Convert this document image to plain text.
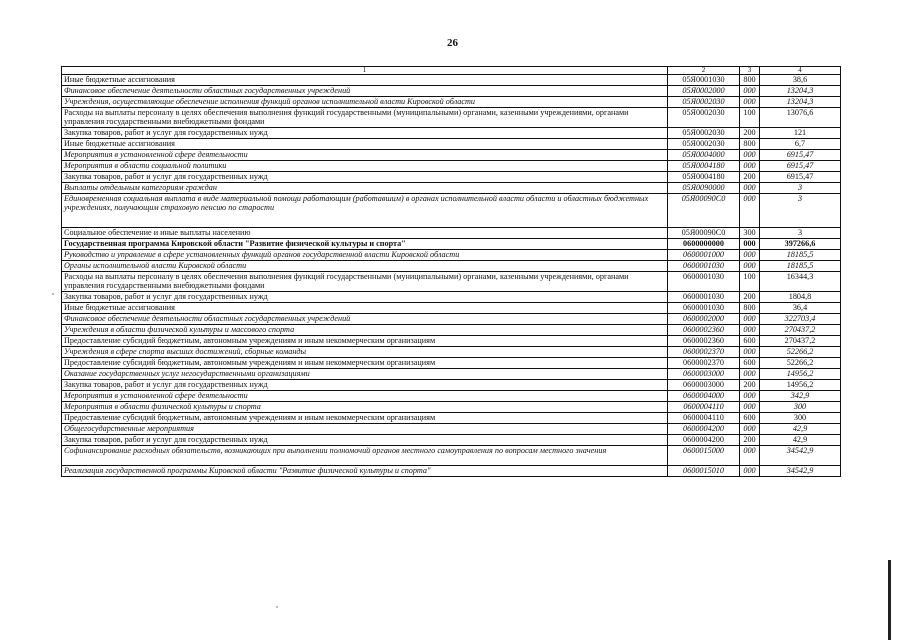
26
1	2	3	4
Иные бюджетные ассигнования	05Я0001030	800	38,6
Финансовое обеспечение деятельности областных государственных учреждений	05Я0002000	000	13204,3
Учреждения, осуществляющие обеспечение исполнения функций органов исполнительной власти Кировской области	05Я0002030	000	13204,3
Расходы на выплаты персоналу в целях обеспечения выполнения функций государственными (муниципальными) органами, казенными учреждениями, органами управления государственными внебюджетными фондами	05Я0002030	100	13076,6
Закупка товаров, работ и услуг для государственных нужд	05Я0002030	200	121
Иные бюджетные ассигнования	05Я0002030	800	6,7
Мероприятия в установленной сфере деятельности	05Я0004000	000	6915,47
Мероприятия в области социальной политики	05Я0004180	000	6915,47
Закупка товаров, работ и услуг для государственных нужд	05Я0004180	200	6915,47
Выплаты отдельным категориям граждан	05Я0090000	000	3
Единовременная социальная выплата в виде материальной помощи работающим (работавшим) в органах исполнительной власти области и областных бюджетных учреждениях, получающим страховую пенсию по старости	05Я00090С0	000	3
Социальное обеспечение и иные выплаты населению	05Я00090С0	300	3
Государственная программа Кировской области "Развитие физической культуры и спорта"	0600000000	000	397266,6
Руководство и управление в сфере установленных функций органов государственной власти Кировской области	0600001000	000	18185,5
Органы исполнительной власти Кировской области	0600001030	000	18185,5
Расходы на выплаты персоналу в целях обеспечения выполнения функций государственными (муниципальными) органами, казенными учреждениями, органами управления государственными внебюджетными фондами	0600001030	100	16344,3
Закупка товаров, работ и услуг для государственных нужд	0600001030	200	1804,8
Иные бюджетные ассигнования	0600001030	800	36,4
Финансовое обеспечение деятельности областных государственных учреждений	0600002000	000	322703,4
Учреждения в области физической культуры и массового спорта	0600002360	000	270437,2
Предоставление субсидий бюджетным, автономным учреждениям и иным некоммерческим организациям	0600002360	600	270437,2
Учреждения в сфере спорта высших достижений, сборные команды	0600002370	000	52266,2
Предоставление субсидий бюджетным, автономным учреждениям и иным некоммерческим организациям	0600002370	600	52266,2
Оказание государственных услуг негосударственными организациями	0600003000	000	14956,2
Закупка товаров, работ и услуг для государственных нужд	0600003000	200	14956,2
Мероприятия в установленной сфере деятельности	0600004000	000	342,9
Мероприятия в области физической культуры и спорта	0600004110	000	300
Предоставление субсидий бюджетным, автономным учреждениям и иным некоммерческим организациям	0600004110	600	300
Общегосударственные мероприятия	0600004200	000	42,9
Закупка товаров, работ и услуг для государственных нужд	0600004200	200	42,9
Софинансирование расходных обязательств, возникающих при выполнении полномочий органов местного самоуправления по вопросам местного значения	0600015000	000	34542,9
Реализация государственной программы Кировской области "Развитие физической культуры и спорта"	0600015010	000	34542,9
